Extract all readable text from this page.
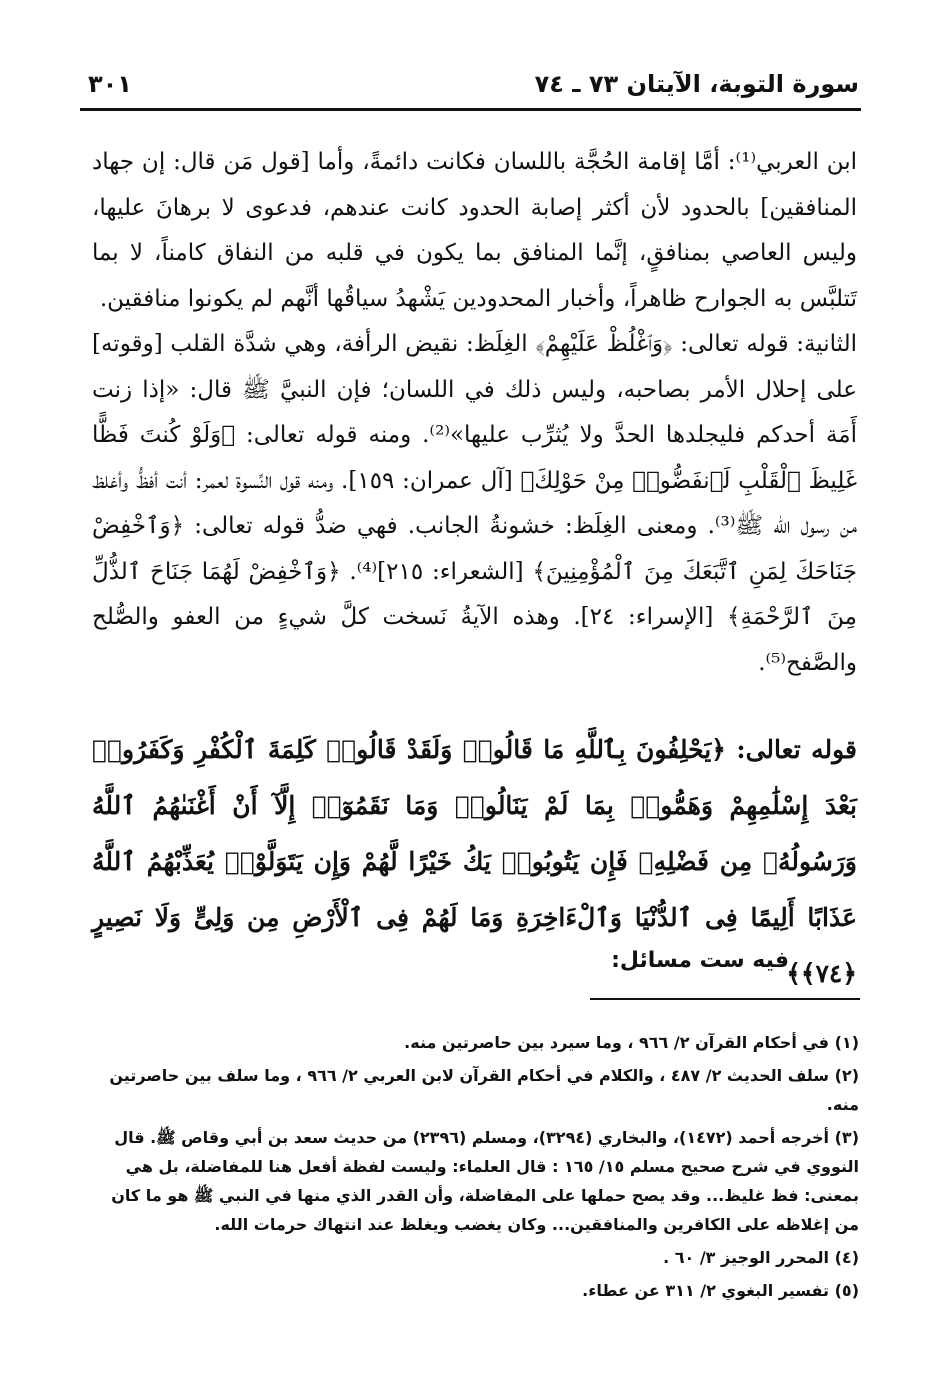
سورة التوبة، الآيتان ٧٣ ـ ٧٤
٣٠١

ابن العربي⁽¹⁾: أمَّا إقامة الحُجَّة باللسان فكانت دائمةً، وأما [قول مَن قال: إن جهاد المنافقين] بالحدود لأن أكثر إصابة الحدود كانت عندهم، فدعوى لا برهانَ عليها، وليس العاصي بمنافقٍ، إنَّما المنافق بما يكون في قلبه من النفاق كامناً، لا بما تَتلبَّس به الجوارح ظاهراً، وأخبار المحدودين يَشْهدُ سياقُها أنَّهم لم يكونوا منافقين.

الثانية: قوله تعالى: ﴿وَٱغْلُظْ عَلَيْهِمْ﴾ الغِلَظ: نقيض الرأفة، وهي شدَّة القلب [وقوته] على إحلال الأمر بصاحبه، وليس ذلك في اللسان؛ فإن النبيَّ ﷺ قال: «إذا زنت أَمَة أحدكم فليجلدها الحدَّ ولا يُثرِّب عليها»⁽²⁾. ومنه قوله تعالى: ﴿وَلَوْ كُنتَ فَظًّا غَلِيظَ ٱلْقَلْبِ لَٱنفَضُّوا۟ مِنْ حَوْلِكَ﴾ [آل عمران: ١٥٩]. ومنه قول النِّسوة لعمر: أنت أفظُّ وأغلظ من رسول الله ﷺ⁽³⁾. ومعنى الغِلَظ: خشونةُ الجانب. فهي ضدُّ قوله تعالى: ﴿وَٱخْفِضْ جَنَاحَكَ لِمَنِ ٱتَّبَعَكَ مِنَ ٱلْمُؤْمِنِينَ﴾ [الشعراء: ٢١٥]⁽⁴⁾. ﴿وَٱخْفِضْ لَهُمَا جَنَاحَ ٱلذُّلِّ مِنَ ٱلرَّحْمَةِ﴾ [الإسراء: ٢٤]. وهذه الآيةُ نَسخت كلَّ شيءٍ من العفو والصُّلح والصَّفح⁽⁵⁾.

قوله تعالى: ﴿يَحْلِفُونَ بِٱللَّهِ مَا قَالُوا۟ وَلَقَدْ قَالُوا۟ كَلِمَةَ ٱلْكُفْرِ وَكَفَرُوا۟ بَعْدَ إِسْلَٰمِهِمْ وَهَمُّوا۟ بِمَا لَمْ يَنَالُوا۟ وَمَا نَقَمُوٓا۟ إِلَّآ أَنْ أَغْنَىٰهُمُ ٱللَّهُ وَرَسُولُهُۥ مِن فَضْلِهِۦ فَإِن يَتُوبُوا۟ يَكُ خَيْرًا لَّهُمْ وَإِن يَتَوَلَّوْا۟ يُعَذِّبْهُمُ ٱللَّهُ عَذَابًا أَلِيمًا فِى ٱلدُّنْيَا وَٱلْءَاخِرَةِ وَمَا لَهُمْ فِى ٱلْأَرْضِ مِن وَلِىٍّ وَلَا نَصِيرٍ ﴿٧٤﴾﴾
فيه ست مسائل:
(١) في أحكام القرآن ٢/ ٩٦٦ ، وما سيرد بين حاصرتين منه.
(٢) سلف الحديث ٢/ ٤٨٧ ، والكلام في أحكام القرآن لابن العربي ٢/ ٩٦٦ ، وما سلف بين حاصرتين منه.
(٣) أخرجه أحمد (١٤٧٢)، والبخاري (٣٢٩٤)، ومسلم (٢٣٩٦) من حديث سعد بن أبي وقاص ﷺ. قال النووي في شرح صحيح مسلم ١٥/ ١٦٥ : قال العلماء: وليست لفظة أفعل هنا للمفاضلة، بل هي بمعنى: فظ غليظ... وقد يصح حملها على المفاضلة، وأن القدر الذي منها في النبي ﷺ هو ما كان من إغلاظه على الكافرين والمنافقين... وكان يغضب ويغلظ عند انتهاك حرمات الله.
(٤) المحرر الوجيز ٣/ ٦٠ .
(٥) تفسير البغوي ٢/ ٣١١ عن عطاء.
